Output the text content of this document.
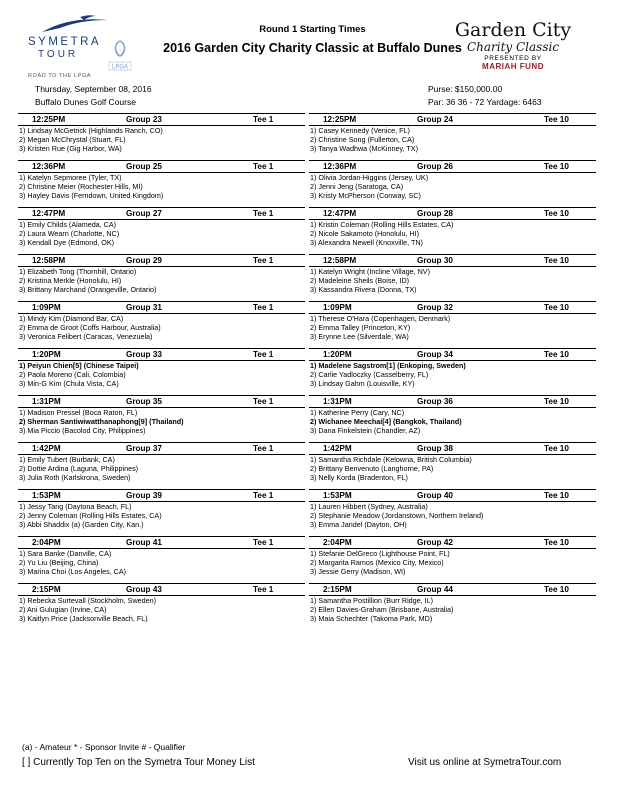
SYMETRA
TOUR
ROAD TO THE LPGA
LPGA
Round 1 Starting Times
2016 Garden City Charity Classic at Buffalo Dunes
Garden City
Charity Classic
PRESENTED BY
MARIAH FUND
Thursday, September 08, 2016
Buffalo Dunes Golf Course
Purse: $150,000.00
Par: 36 36 - 72 Yardage: 6463
12:25PM	Group 23	Tee 1
1) Lindsay McGetrick (Highlands Ranch, CO)
2) Megan McChrystal (Stuart, FL)
3) Kristen Rue (Gig Harbor, WA)
12:25PM	Group 24	Tee 10
1) Casey Kennedy (Venice, FL)
2) Christine Song (Fullerton, CA)
3) Tanya Wadhwa (McKinney, TX)
12:36PM	Group 25	Tee 1
1) Katelyn Sepmoree (Tyler, TX)
2) Christine Meier (Rochester Hills, MI)
3) Hayley Davis (Ferndown, United Kingdom)
12:36PM	Group 26	Tee 10
1) Olivia Jordan-Higgins (Jersey, UK)
2) Jenni Jeng (Saratoga, CA)
3) Kristy McPherson (Conway, SC)
12:47PM	Group 27	Tee 1
1) Emily Childs (Alameda, CA)
2) Laura Wearn (Charlotte, NC)
3) Kendall Dye (Edmond, OK)
12:47PM	Group 28	Tee 10
1) Kristin Coleman (Rolling Hills Estates, CA)
2) Nicole Sakamoto (Honolulu, HI)
3) Alexandra Newell (Knoxville, TN)
12:58PM	Group 29	Tee 1
1) Elizabeth Tong (Thornhill, Ontario)
2) Kristina Merkle (Honolulu, HI)
3) Brittany Marchand (Orangeville, Ontario)
12:58PM	Group 30	Tee 10
1) Katelyn Wright (Incline Village, NV)
2) Madeleine Sheils (Boise, ID)
3) Kassandra Rivera (Donna, TX)
1:09PM	Group 31	Tee 1
1) Mindy Kim (Diamond Bar, CA)
2) Emma de Groot (Coffs Harbour, Australia)
3) Veronica Felibert (Caracas, Venezuela)
1:09PM	Group 32	Tee 10
1) Therese O'Hara (Copenhagen, Denmark)
2) Emma Talley (Princeton, KY)
3) Erynne Lee (Silverdale, WA)
1:20PM	Group 33	Tee 1
1) Peiyun Chien[5] (Chinese Taipei)
2) Paola Moreno (Cali, Colombia)
3) Min-G Kim (Chula Vista, CA)
1:20PM	Group 34	Tee 10
1) Madelene Sagstrom[1] (Enkoping, Sweden)
2) Carlie Yadloczky (Casselberry, FL)
3) Lindsay Gahm (Louisville, KY)
1:31PM	Group 35	Tee 1
1) Madison Pressel (Boca Raton, FL)
2) Sherman Santiwiwatthanaphong[9] (Thailand)
3) Mia Piccio (Bacolod City, Philippines)
1:31PM	Group 36	Tee 10
1) Katherine Perry (Cary, NC)
2) Wichanee Meechai[4] (Bangkok, Thailand)
3) Dana Finkelstein (Chandler, AZ)
1:42PM	Group 37	Tee 1
1) Emily Tubert (Burbank, CA)
2) Dottie Ardina (Laguna, Philippines)
3) Julia Roth (Karlskrona, Sweden)
1:42PM	Group 38	Tee 10
1) Samantha Richdale (Kelowna, British Columbia)
2) Brittany Benvenuto (Langhorne, PA)
3) Nelly Korda (Bradenton, FL)
1:53PM	Group 39	Tee 1
1) Jessy Tang (Daytona Beach, FL)
2) Jenny Coleman (Rolling Hills Estates, CA)
3) Abbi Shaddix (a) (Garden City, Kan.)
1:53PM	Group 40	Tee 10
1) Lauren Hibbert (Sydney, Australia)
2) Stephanie Meadow (Jordanstown, Northern Ireland)
3) Emma Jandel (Dayton, OH)
2:04PM	Group 41	Tee 1
1) Sara Banke (Danville, CA)
2) Yu Liu (Beijing, China)
3) Marina Choi (Los Angeles, CA)
2:04PM	Group 42	Tee 10
1) Stefanie DelGreco (Lighthouse Point, FL)
2) Margarita Ramos (Mexico City, Mexico)
3) Jessie Gerry (Madison, WI)
2:15PM	Group 43	Tee 1
1) Rebecka Surtevall (Stockholm, Sweden)
2) Ani Gulugian (Irvine, CA)
3) Kaitlyn Price (Jacksonville Beach, FL)
2:15PM	Group 44	Tee 10
1) Samantha Postillion (Burr Ridge, IL)
2) Ellen Davies-Graham (Brisbane, Australia)
3) Maia Schechter (Takoma Park, MD)
(a) - Amateur * - Sponsor Invite # - Qualifier
[ ] Currently Top Ten on the Symetra Tour Money List	Visit us online at SymetraTour.com
